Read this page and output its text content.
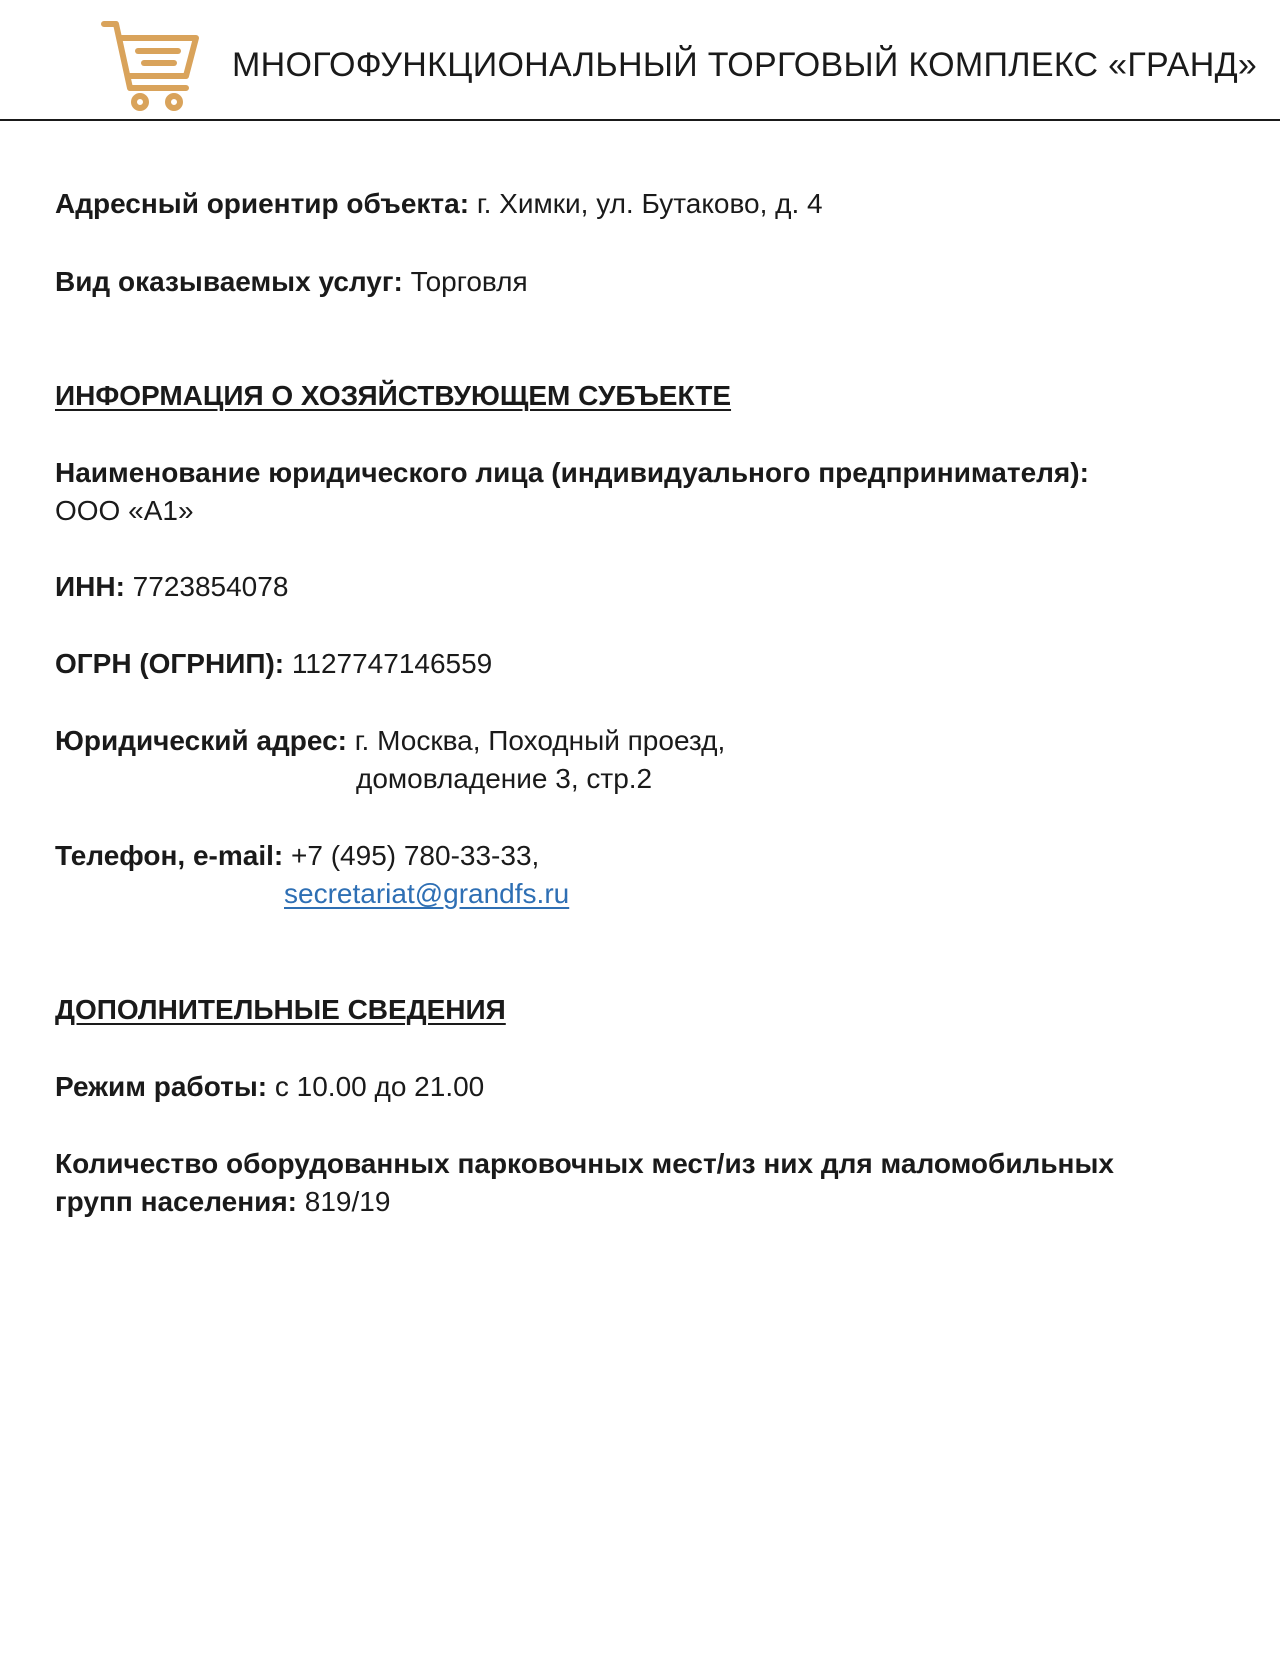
МНОГОФУНКЦИОНАЛЬНЫЙ ТОРГОВЫЙ КОМПЛЕКС «ГРАНД»
Адресный ориентир объекта: г. Химки, ул. Бутаково, д. 4
Вид оказываемых услуг: Торговля
ИНФОРМАЦИЯ О ХОЗЯЙСТВУЮЩЕМ СУБЪЕКТЕ
Наименование юридического лица (индивидуального предпринимателя):
ООО «А1»
ИНН: 7723854078
ОГРН (ОГРНИП): 1127747146559
Юридический адрес: г. Москва, Походный проезд,
домовладение 3, стр.2
Телефон, e-mail: +7 (495) 780-33-33,
secretariat@grandfs.ru
ДОПОЛНИТЕЛЬНЫЕ СВЕДЕНИЯ
Режим работы: с 10.00 до 21.00
Количество оборудованных парковочных мест/из них для маломобильных
групп населения: 819/19
